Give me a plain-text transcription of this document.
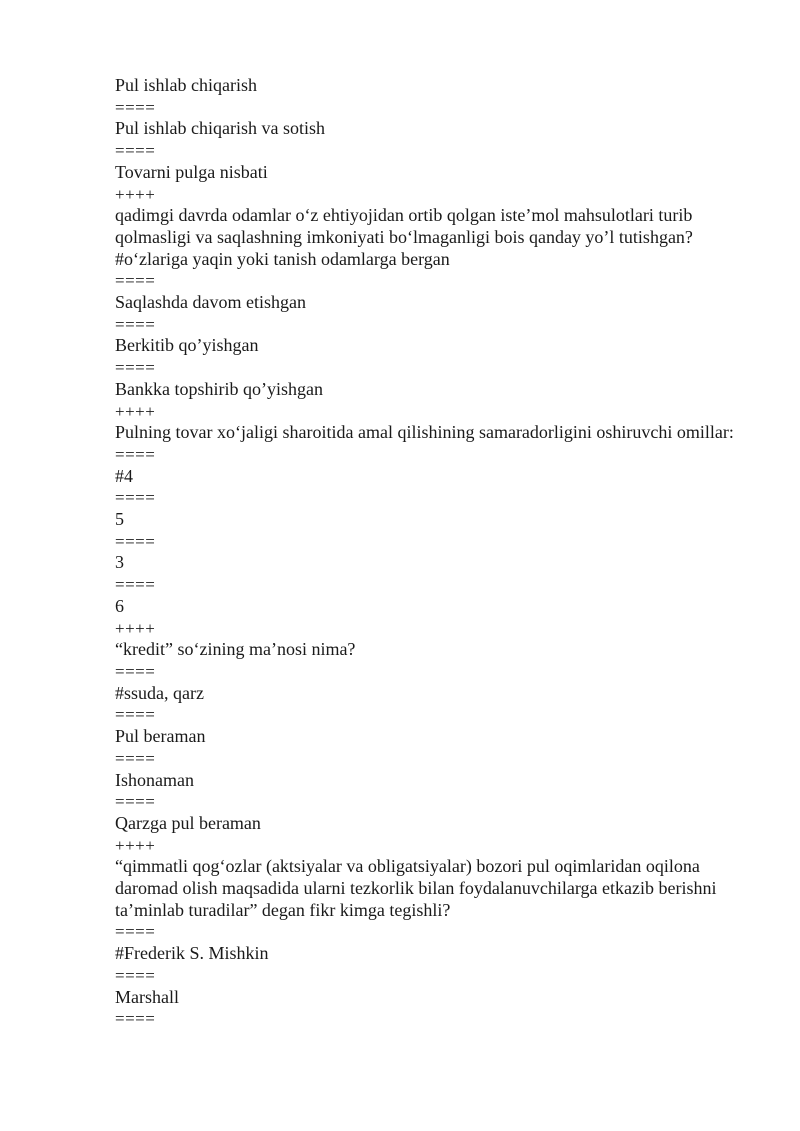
Pul ishlab chiqarish
====
Pul ishlab chiqarish va sotish
====
Tovarni pulga nisbati
++++
qadimgi davrda odamlar o‘z ehtiyojidan ortib qolgan iste’mol mahsulotlari turib qolmasligi va saqlashning imkoniyati bo‘lmaganligi bois qanday yo’l tutishgan?
#o‘zlariga yaqin yoki tanish odamlarga bergan
====
Saqlashda davom etishgan
====
Berkitib qo’yishgan
====
Bankka topshirib qo’yishgan
++++
Pulning tovar xo‘jaligi sharoitida amal qilishining samaradorligini oshiruvchi omillar:
====
#4
====
5
====
3
====
6
++++
“kredit” so‘zining ma’nosi nima?
====
#ssuda, qarz
====
Pul beraman
====
Ishonaman
====
Qarzga pul beraman
++++
“qimmatli qog‘ozlar (aktsiyalar va obligatsiyalar) bozori pul oqimlaridan oqilona daromad olish maqsadida ularni tezkorlik bilan foydalanuvchilarga etkazib berishni ta’minlab turadilar” degan fikr kimga tegishli?
====
#Frederik S. Mishkin
====
Marshall
====
